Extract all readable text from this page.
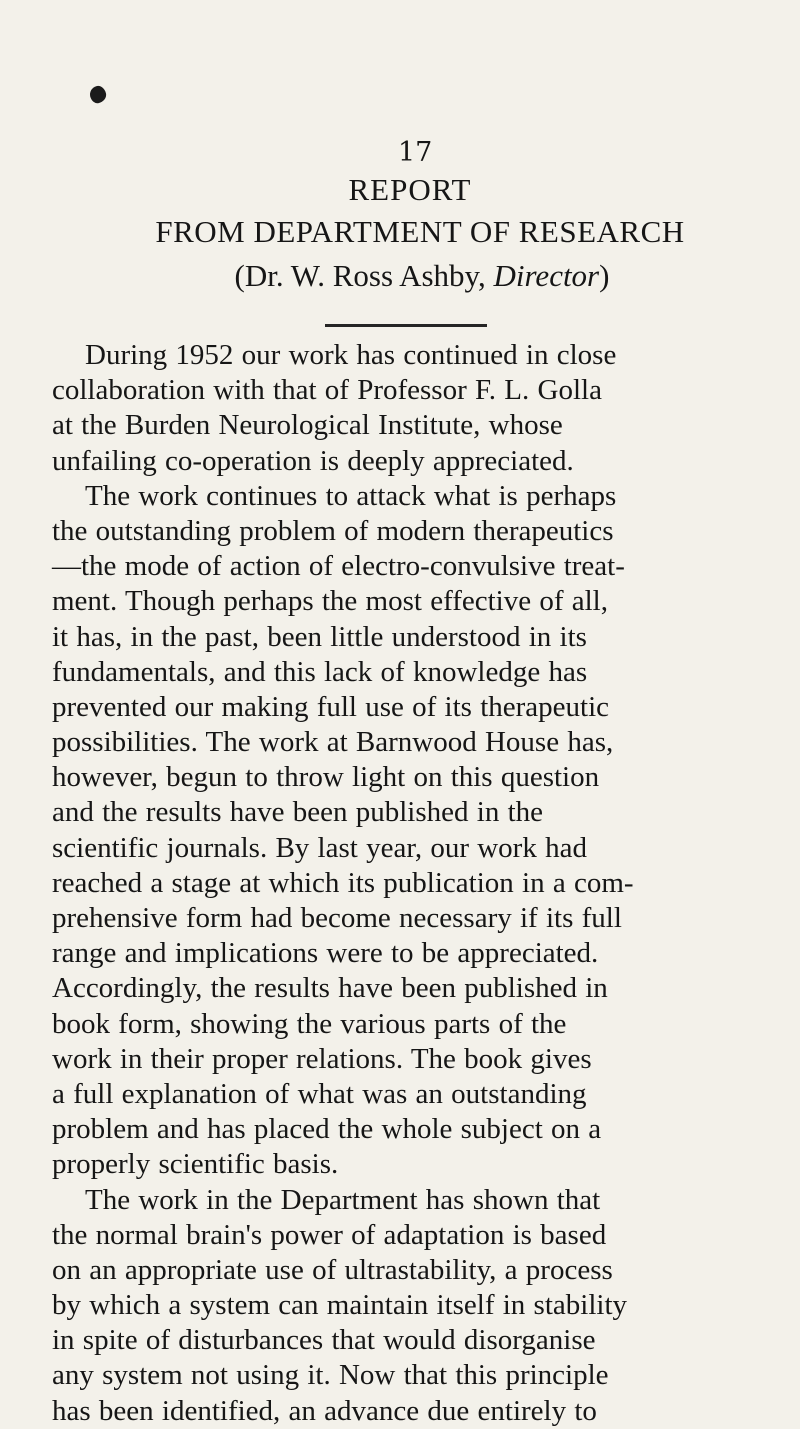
17
REPORT
FROM DEPARTMENT OF RESEARCH
(Dr. W. Ross Ashby, Director)
During 1952 our work has continued in close
collaboration with that of Professor F. L. Golla
at the Burden Neurological Institute, whose
unfailing co-operation is deeply appreciated.
The work continues to attack what is perhaps
the outstanding problem of modern therapeutics
—the mode of action of electro-convulsive treat-
ment. Though perhaps the most effective of all,
it has, in the past, been little understood in its
fundamentals, and this lack of knowledge has
prevented our making full use of its therapeutic
possibilities. The work at Barnwood House has,
however, begun to throw light on this question
and the results have been published in the
scientific journals. By last year, our work had
reached a stage at which its publication in a com-
prehensive form had become necessary if its full
range and implications were to be appreciated.
Accordingly, the results have been published in
book form, showing the various parts of the
work in their proper relations. The book gives
a full explanation of what was an outstanding
problem and has placed the whole subject on a
properly scientific basis.
The work in the Department has shown that
the normal brain's power of adaptation is based
on an appropriate use of ultrastability, a process
by which a system can maintain itself in stability
in spite of disturbances that would disorganise
any system not using it. Now that this principle
has been identified, an advance due entirely to
